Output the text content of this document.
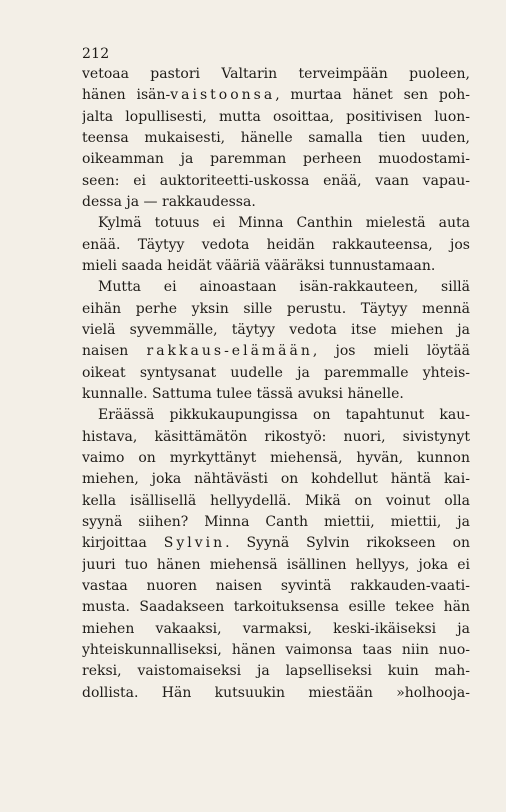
212
vetoaa pastori Valtarin terveimpään puoleen,
hänen isän-vaistoonsa, murtaa hänet sen poh-
jalta lopullisesti, mutta osoittaa, positivisen luon-
teensa mukaisesti, hänelle samalla tien uuden,
oikeamman ja paremman perheen muodostami-
seen: ei auktoriteetti-uskossa enää, vaan vapau-
dessa ja — rakkaudessa.
Kylmä totuus ei Minna Canthin mielestä auta
enää. Täytyy vedota heidän rakkauteensa, jos
mieli saada heidät vääriä vääräksi tunnustamaan.
Mutta ei ainoastaan isän-rakkauteen, sillä
eihän perhe yksin sille perustu. Täytyy mennä
vielä syvemmälle, täytyy vedota itse miehen ja
naisen rakkaus-elämään, jos mieli löytää
oikeat syntysanat uudelle ja paremmalle yhteis-
kunnalle. Sattuma tulee tässä avuksi hänelle.
Eräässä pikkukaupungissa on tapahtunut kau-
histava, käsittämätön rikostyö: nuori, sivistynyt
vaimo on myrkyttänyt miehensä, hyvän, kunnon
miehen, joka nähtävästi on kohdellut häntä kai-
kella isällisellä hellyydellä. Mikä on voinut olla
syynä siihen? Minna Canth miettii, miettii, ja
kirjoittaa Sylvin. Syynä Sylvin rikokseen on
juuri tuo hänen miehensä isällinen hellyys, joka ei
vastaa nuoren naisen syvintä rakkauden-vaati-
musta. Saadakseen tarkoituksensa esille tekee hän
miehen vakaaksi, varmaksi, keski-ikäiseksi ja
yhteiskunnalliseksi, hänen vaimonsa taas niin nuo-
reksi, vaistomaiseksi ja lapselliseksi kuin mah-
dollista. Hän kutsuukin miestään »holhooja-
